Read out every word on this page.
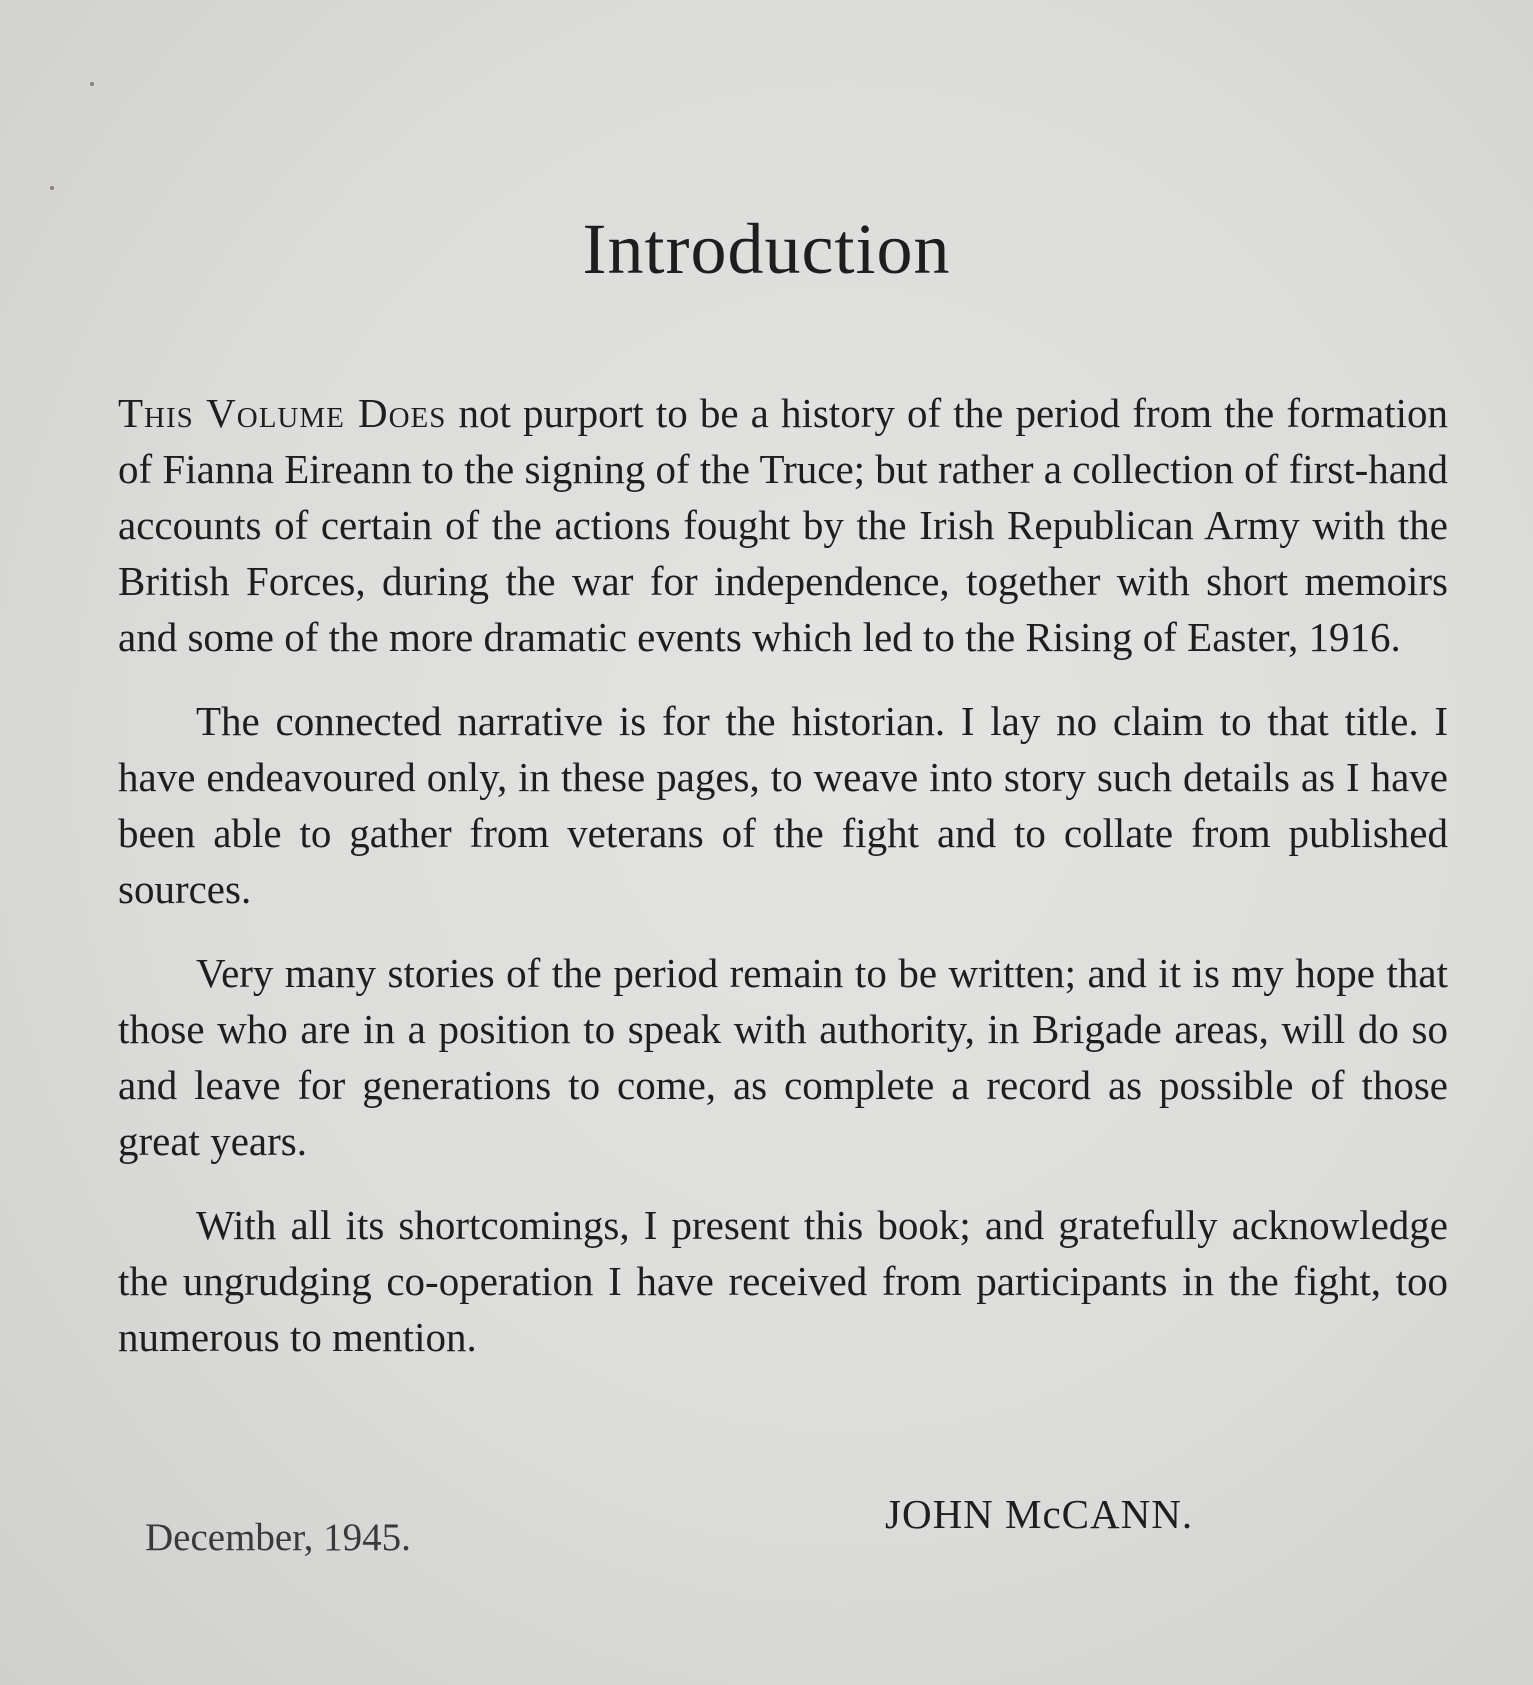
Introduction

This Volume Does not purport to be a history of the period from the formation of Fianna Eireann to the signing of the Truce; but rather a collection of first-hand accounts of certain of the actions fought by the Irish Republican Army with the British Forces, during the war for independence, together with short memoirs and some of the more dramatic events which led to the Rising of Easter, 1916.

The connected narrative is for the historian. I lay no claim to that title. I have endeavoured only, in these pages, to weave into story such details as I have been able to gather from veterans of the fight and to collate from published sources.

Very many stories of the period remain to be written; and it is my hope that those who are in a position to speak with authority, in Brigade areas, will do so and leave for generations to come, as complete a record as possible of those great years.

With all its shortcomings, I present this book; and gratefully acknowledge the ungrudging co-operation I have received from participants in the fight, too numerous to mention.

December, 1945.
JOHN McCANN.
